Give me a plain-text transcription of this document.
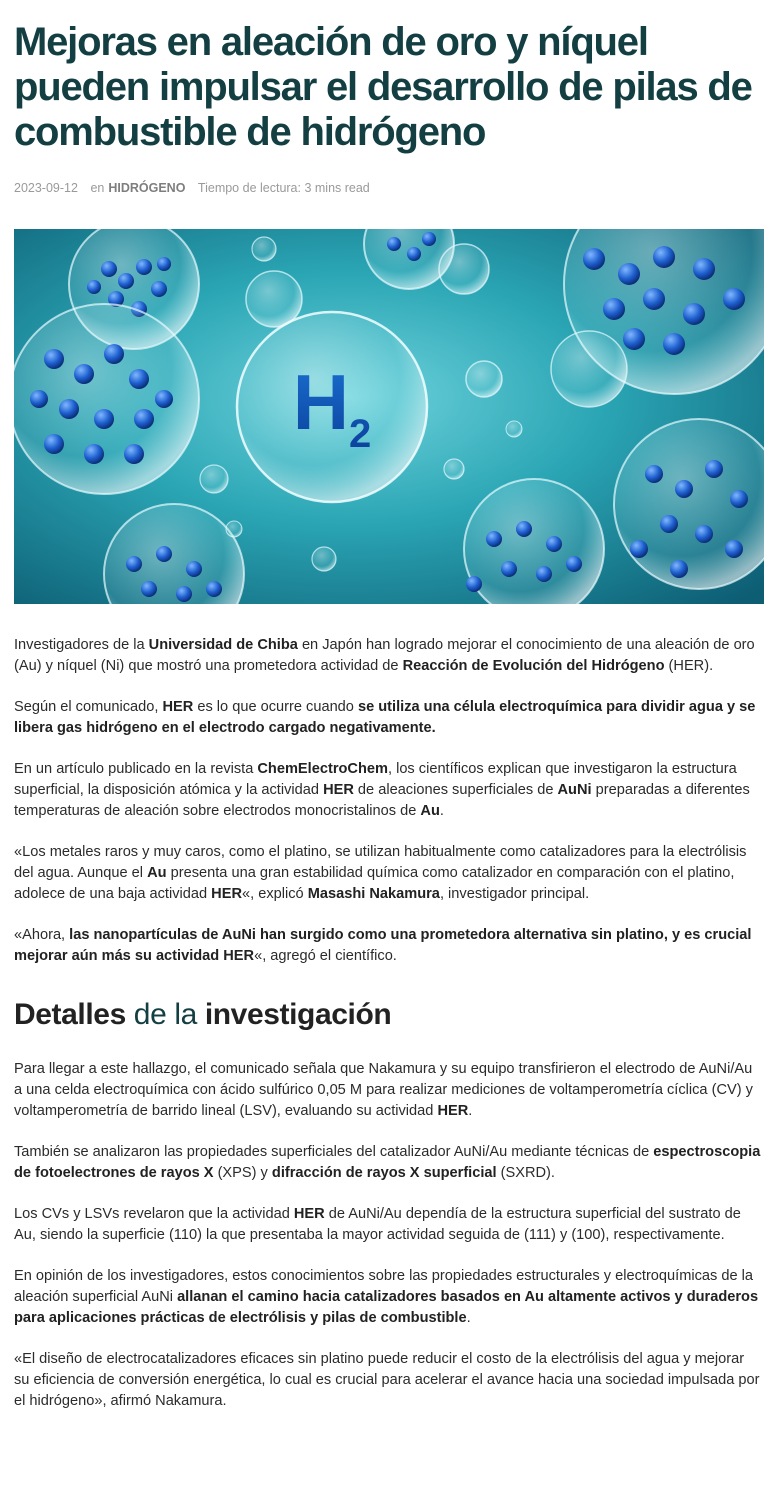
Mejoras en aleación de oro y níquel pueden impulsar el desarrollo de pilas de combustible de hidrógeno
2023-09-12 en HIDRÓGENO Tiempo de lectura: 3 mins read
$H_2$

Investigadores de la Universidad de Chiba en Japón han logrado mejorar el conocimiento de una aleación de oro (Au) y níquel (Ni) que mostró una prometedora actividad de Reacción de Evolución del Hidrógeno (HER).

Según el comunicado, HER es lo que ocurre cuando se utiliza una célula electroquímica para dividir agua y se libera gas hidrógeno en el electrodo cargado negativamente.

En un artículo publicado en la revista ChemElectroChem, los científicos explican que investigaron la estructura superficial, la disposición atómica y la actividad HER de aleaciones superficiales de AuNi preparadas a diferentes temperaturas de aleación sobre electrodos monocristalinos de Au.

«Los metales raros y muy caros, como el platino, se utilizan habitualmente como catalizadores para la electrólisis del agua. Aunque el Au presenta una gran estabilidad química como catalizador en comparación con el platino, adolece de una baja actividad HER«, explicó Masashi Nakamura, investigador principal.

«Ahora, las nanopartículas de AuNi han surgido como una prometedora alternativa sin platino, y es crucial mejorar aún más su actividad HER«, agregó el científico.

Detalles de la investigación

Para llegar a este hallazgo, el comunicado señala que Nakamura y su equipo transfirieron el electrodo de AuNi/Au a una celda electroquímica con ácido sulfúrico 0,05 M para realizar mediciones de voltamperometría cíclica (CV) y voltamperometría de barrido lineal (LSV), evaluando su actividad HER.

También se analizaron las propiedades superficiales del catalizador AuNi/Au mediante técnicas de espectroscopia de fotoelectrones de rayos X (XPS) y difracción de rayos X superficial (SXRD).

Los CVs y LSVs revelaron que la actividad HER de AuNi/Au dependía de la estructura superficial del sustrato de Au, siendo la superficie (110) la que presentaba la mayor actividad seguida de (111) y (100), respectivamente.

En opinión de los investigadores, estos conocimientos sobre las propiedades estructurales y electroquímicas de la aleación superficial AuNi allanan el camino hacia catalizadores basados en Au altamente activos y duraderos para aplicaciones prácticas de electrólisis y pilas de combustible.

«El diseño de electrocatalizadores eficaces sin platino puede reducir el costo de la electrólisis del agua y mejorar su eficiencia de conversión energética, lo cual es crucial para acelerar el avance hacia una sociedad impulsada por el hidrógeno», afirmó Nakamura.
